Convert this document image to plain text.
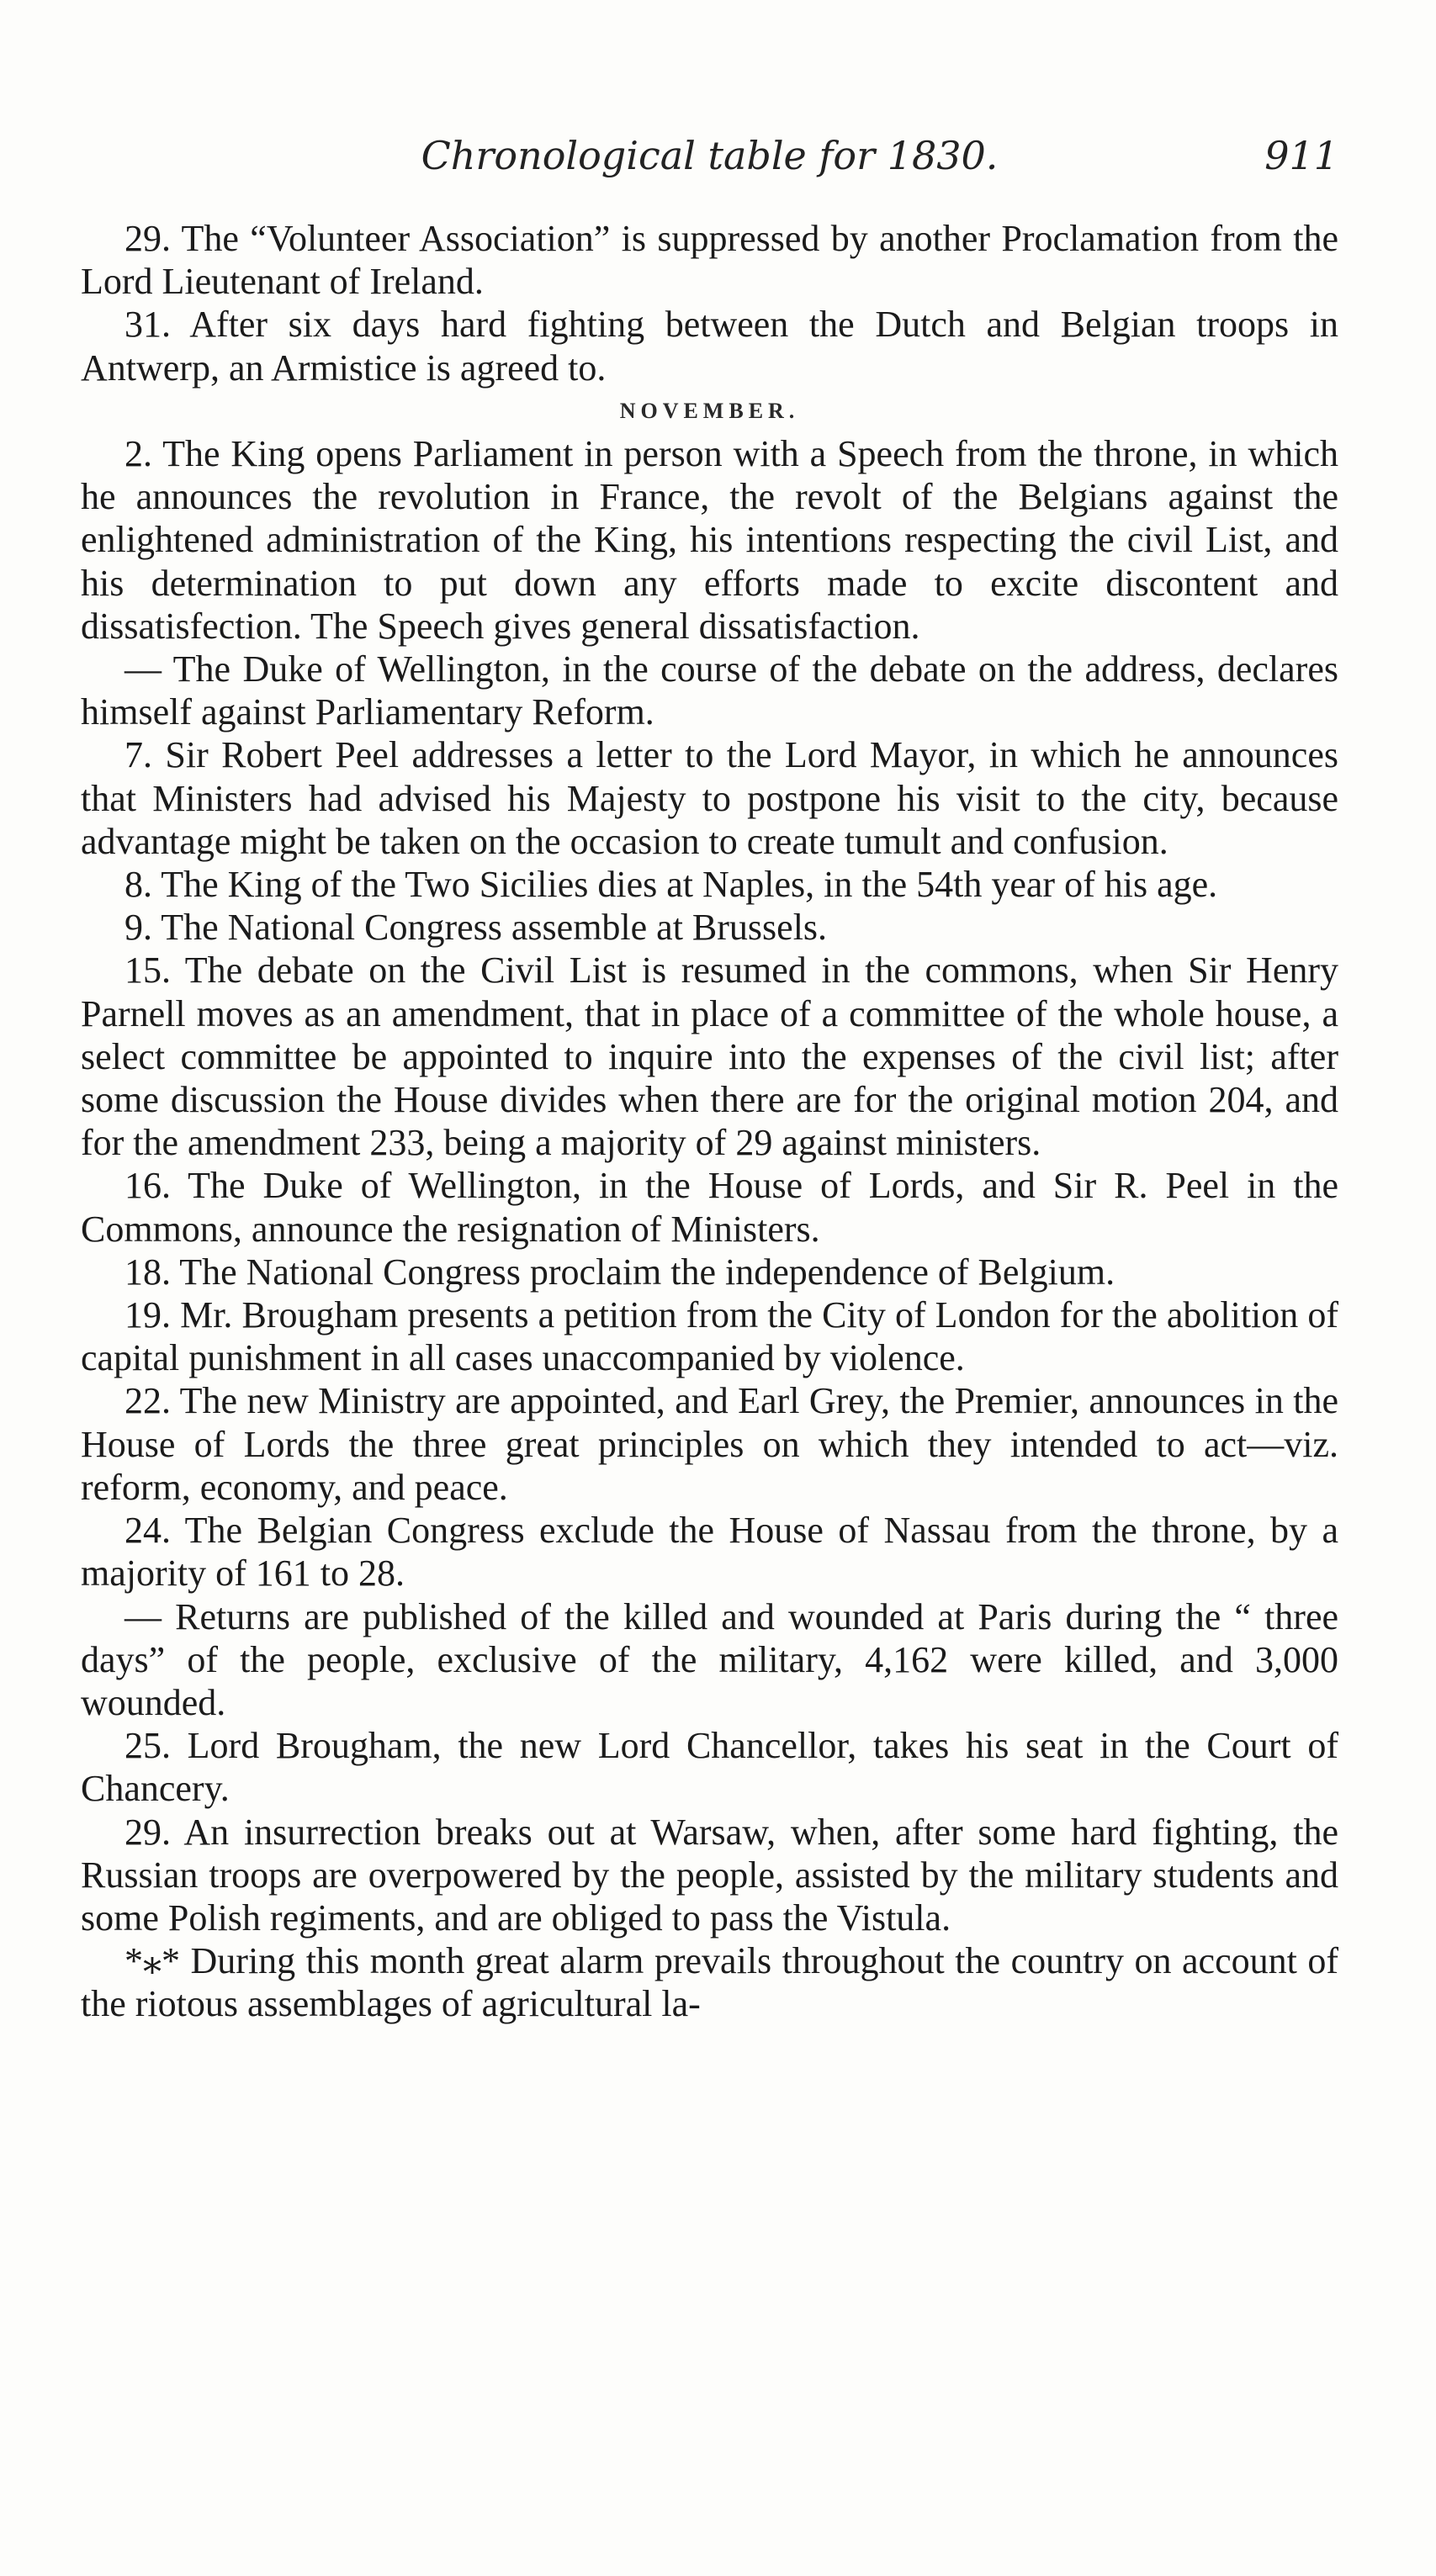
Chronological table for 1830.	911

29. The “Volunteer Association” is suppressed by another Proclamation from the Lord Lieutenant of Ireland.

31. After six days hard fighting between the Dutch and Belgian troops in Antwerp, an Armistice is agreed to.

NOVEMBER.

2. The King opens Parliament in person with a Speech from the throne, in which he announces the revolution in France, the revolt of the Belgians against the enlightened administration of the King, his intentions respecting the civil List, and his determination to put down any efforts made to excite discontent and dissatisfection. The Speech gives general dissatisfaction.

— The Duke of Wellington, in the course of the debate on the address, declares himself against Parliamentary Reform.

7. Sir Robert Peel addresses a letter to the Lord Mayor, in which he announces that Ministers had advised his Majesty to postpone his visit to the city, because advantage might be taken on the occasion to create tumult and confusion.

8. The King of the Two Sicilies dies at Naples, in the 54th year of his age.

9. The National Congress assemble at Brussels.

15. The debate on the Civil List is resumed in the commons, when Sir Henry Parnell moves as an amendment, that in place of a committee of the whole house, a select committee be appointed to inquire into the expenses of the civil list; after some discussion the House divides when there are for the original motion 204, and for the amendment 233, being a majority of 29 against ministers.

16. The Duke of Wellington, in the House of Lords, and Sir R. Peel in the Commons, announce the resignation of Ministers.

18. The National Congress proclaim the independence of Belgium.

19. Mr. Brougham presents a petition from the City of London for the abolition of capital punishment in all cases unaccompanied by violence.

22. The new Ministry are appointed, and Earl Grey, the Premier, announces in the House of Lords the three great principles on which they intended to act—viz. reform, economy, and peace.

24. The Belgian Congress exclude the House of Nassau from the throne, by a majority of 161 to 28.

— Returns are published of the killed and wounded at Paris during the “ three days” of the people, exclusive of the military, 4,162 were killed, and 3,000 wounded.

25. Lord Brougham, the new Lord Chancellor, takes his seat in the Court of Chancery.

29. An insurrection breaks out at Warsaw, when, after some hard fighting, the Russian troops are overpowered by the people, assisted by the military students and some Polish regiments, and are obliged to pass the Vistula.

*⁎* During this month great alarm prevails throughout the country on account of the riotous assemblages of agricultural la-
